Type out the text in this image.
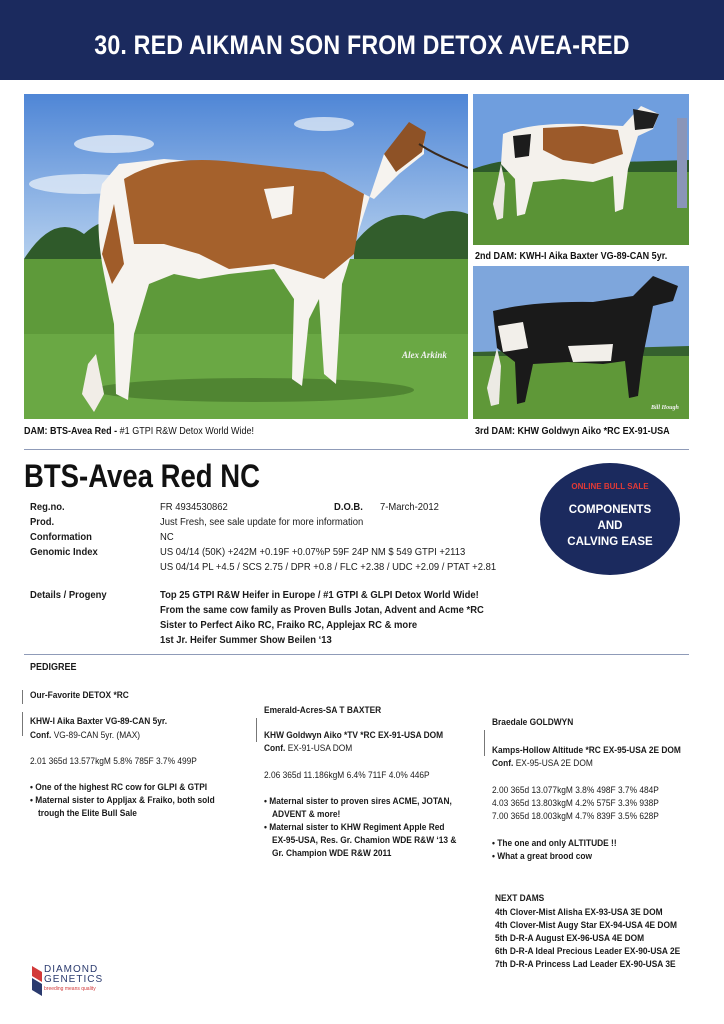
30. RED AIKMAN SON FROM DETOX AVEA-RED
Alex Arkink
Bill Hough
DAM: BTS-Avea Red - #1 GTPI R&W Detox World Wide!
2nd DAM: KWH-I Aika Baxter VG-89-CAN 5yr.
3rd DAM: KHW Goldwyn Aiko *RC EX-91-USA
BTS-Avea Red NC	ONLINE BULL SALE
COMPONENTS
AND
CALVING EASE
Reg.no.	FR 4934530862	D.O.B. 7-March-2012
Prod.	Just Fresh, see sale update for more information
Conformation	NC
Genomic Index	US 04/14 (50K) +242M +0.19F +0.07%P 59F 24P NM $ 549 GTPI +2113
US 04/14 PL +4.5 / SCS 2.75 / DPR +0.8 / FLC +2.38 / UDC +2.09 / PTAT +2.81
Details / Progeny	Top 25 GTPI R&W Heifer in Europe / #1 GTPI & GLPI Detox World Wide!
From the same cow family as Proven Bulls Jotan, Advent and Acme *RC
Sister to Perfect Aiko RC, Fraiko RC, Applejax RC & more
1st Jr. Heifer Summer Show Beilen ‘13
PEDIGREE
Our-Favorite DETOX *RC
KHW-I Aika Baxter VG-89-CAN 5yr.
Conf. VG-89-CAN 5yr. (MAX)
2.01 365d 13.577kgM 5.8% 785F 3.7% 499P
• One of the highest RC cow for GLPI & GTPI
• Maternal sister to Appljax & Fraiko, both sold
trough the Elite Bull Sale
Emerald-Acres-SA T BAXTER
KHW Goldwyn Aiko *TV *RC EX-91-USA DOM
Conf. EX-91-USA DOM
2.06 365d 11.186kgM 6.4% 711F 4.0% 446P
• Maternal sister to proven sires ACME, JOTAN,
ADVENT & more!
• Maternal sister to KHW Regiment Apple Red
EX-95-USA, Res. Gr. Chamion WDE R&W ‘13 &
Gr. Champion WDE R&W 2011
Braedale GOLDWYN
Kamps-Hollow Altitude *RC EX-95-USA 2E DOM
Conf. EX-95-USA 2E DOM
2.00 365d 13.077kgM 3.8% 498F 3.7% 484P
4.03 365d 13.803kgM 4.2% 575F 3.3% 938P
7.00 365d 18.003kgM 4.7% 839F 3.5% 628P
• The one and only ALTITUDE !!
• What a great brood cow
NEXT DAMS
4th Clover-Mist Alisha EX-93-USA 3E DOM
4th Clover-Mist Augy Star EX-94-USA 4E DOM
5th D-R-A August EX-96-USA 4E DOM
6th D-R-A Ideal Precious Leader EX-90-USA 2E
7th D-R-A Princess Lad Leader EX-90-USA 3E
DIAMOND
GENETICS
breeding means quality
